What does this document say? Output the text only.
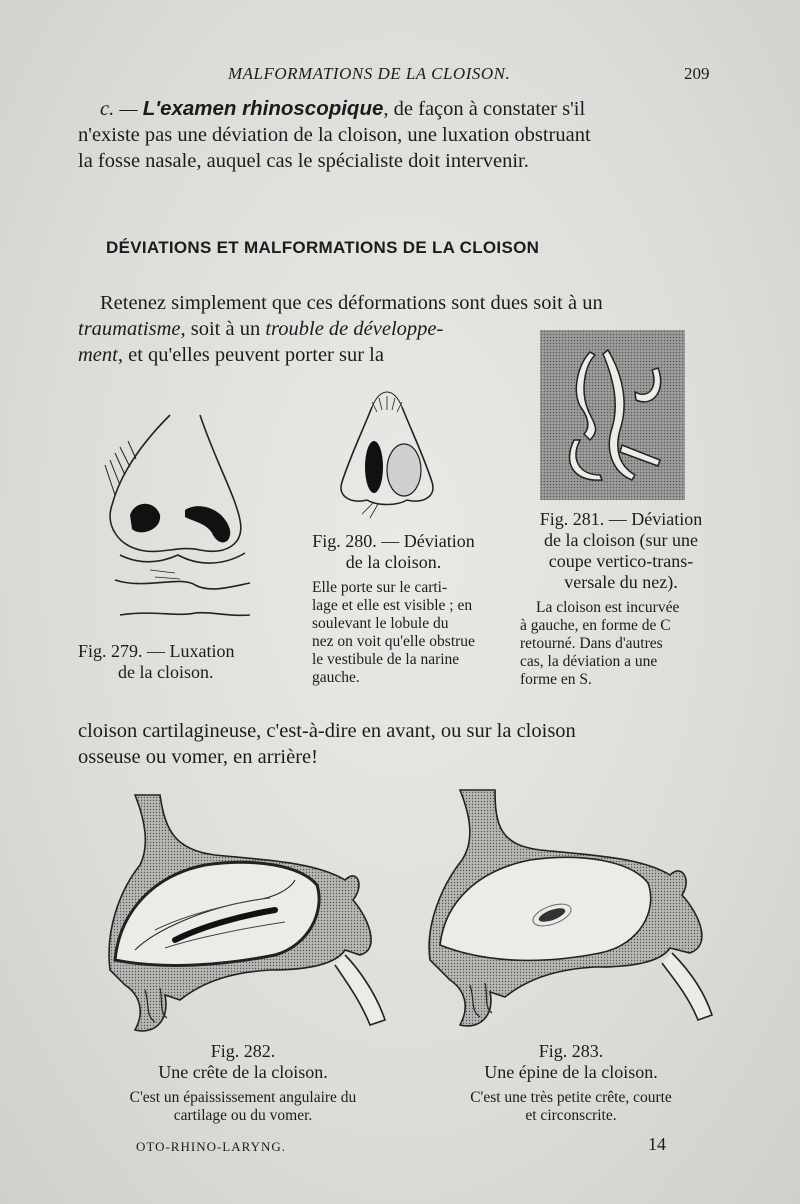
MALFORMATIONS DE LA CLOISON.	209
c. — L'examen rhinoscopique, de façon à constater s'il
n'existe pas une déviation de la cloison, une luxation obstruant
la fosse nasale, auquel cas le spécialiste doit intervenir.
DÉVIATIONS ET MALFORMATIONS DE LA CLOISON
Retenez simplement que ces déformations sont dues soit à un
traumatisme, soit à un trouble de développe-
ment, et qu'elles peuvent porter sur la
Fig. 279. — Luxation
de la cloison.
Fig. 280. — Déviation
de la cloison.
Elle porte sur le carti-
lage et elle est visible ; en
soulevant le lobule du
nez on voit qu'elle obstrue
le vestibule de la narine
gauche.
Fig. 281. — Déviation
de la cloison (sur une
coupe vertico-trans-
versale du nez).
La cloison est incurvée
à gauche, en forme de C
retourné. Dans d'autres
cas, la déviation a une
forme en S.
cloison cartilagineuse, c'est-à-dire en avant, ou sur la cloison
osseuse ou vomer, en arrière!
Fig. 282.
Une crête de la cloison.
C'est un épaississement angulaire du
cartilage ou du vomer.
Fig. 283.
Une épine de la cloison.
C'est une très petite crête, courte
et circonscrite.
OTO-RHINO-LARYNG.	14
